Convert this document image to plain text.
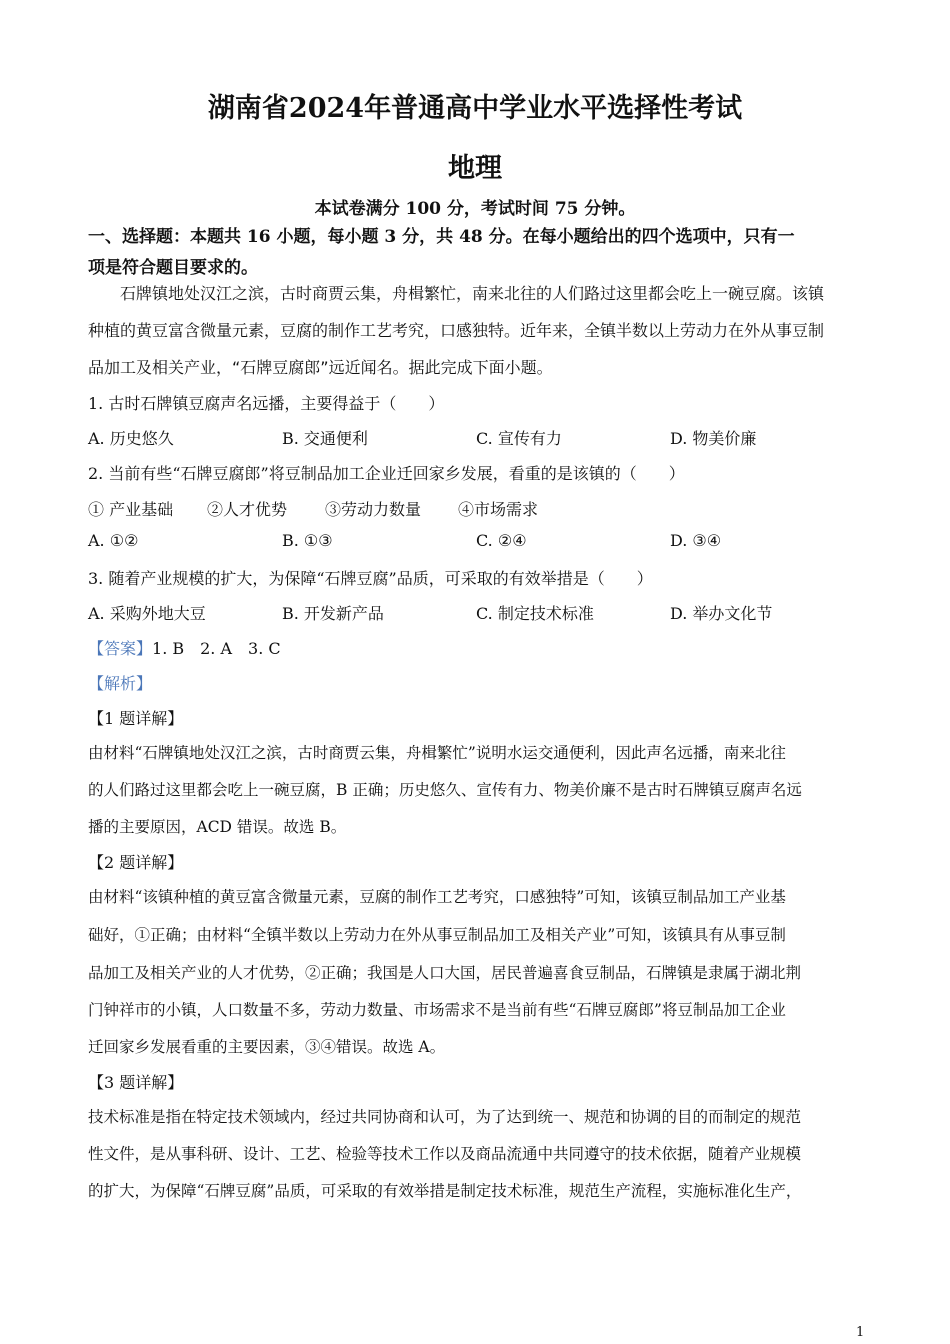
湖南省2024年普通高中学业水平选择性考试
地理
本试卷满分 100 分，考试时间 75 分钟。
一、选择题：本题共 16 小题，每小题 3 分，共 48 分。在每小题给出的四个选项中，只有一
项是符合题目要求的。
石牌镇地处汉江之滨，古时商贾云集，舟楫繁忙，南来北往的人们路过这里都会吃上一碗豆腐。该镇
种植的黄豆富含微量元素，豆腐的制作工艺考究，口感独特。近年来，全镇半数以上劳动力在外从事豆制
品加工及相关产业，“石牌豆腐郎”远近闻名。据此完成下面小题。
1. 古时石牌镇豆腐声名远播，主要得益于（　　）
A. 历史悠久	B. 交通便利	C. 宣传有力	D. 物美价廉
2. 当前有些“石牌豆腐郎”将豆制品加工企业迁回家乡发展，看重的是该镇的（　　）
① 产业基础 ②人才优势 ③劳动力数量 ④市场需求
A. ①②	B. ①③	C. ②④	D. ③④
3. 随着产业规模的扩大，为保障“石牌豆腐”品质，可采取的有效举措是（　　）
A. 采购外地大豆	B. 开发新产品	C. 制定技术标准	D. 举办文化节
【答案】1. B　2. A　3. C
【解析】
【1 题详解】
由材料“石牌镇地处汉江之滨，古时商贾云集，舟楫繁忙”说明水运交通便利，因此声名远播，南来北往
的人们路过这里都会吃上一碗豆腐，B 正确；历史悠久、宣传有力、物美价廉不是古时石牌镇豆腐声名远
播的主要原因，ACD 错误。故选 B。
【2 题详解】
由材料“该镇种植的黄豆富含微量元素，豆腐的制作工艺考究，口感独特”可知，该镇豆制品加工产业基
础好，①正确；由材料“全镇半数以上劳动力在外从事豆制品加工及相关产业”可知，该镇具有从事豆制
品加工及相关产业的人才优势，②正确；我国是人口大国，居民普遍喜食豆制品，石牌镇是隶属于湖北荆
门钟祥市的小镇，人口数量不多，劳动力数量、市场需求不是当前有些“石牌豆腐郎”将豆制品加工企业
迁回家乡发展看重的主要因素，③④错误。故选 A。
【3 题详解】
技术标准是指在特定技术领域内，经过共同协商和认可，为了达到统一、规范和协调的目的而制定的规范
性文件，是从事科研、设计、工艺、检验等技术工作以及商品流通中共同遵守的技术依据，随着产业规模
的扩大，为保障“石牌豆腐”品质，可采取的有效举措是制定技术标准，规范生产流程，实施标准化生产，
1
